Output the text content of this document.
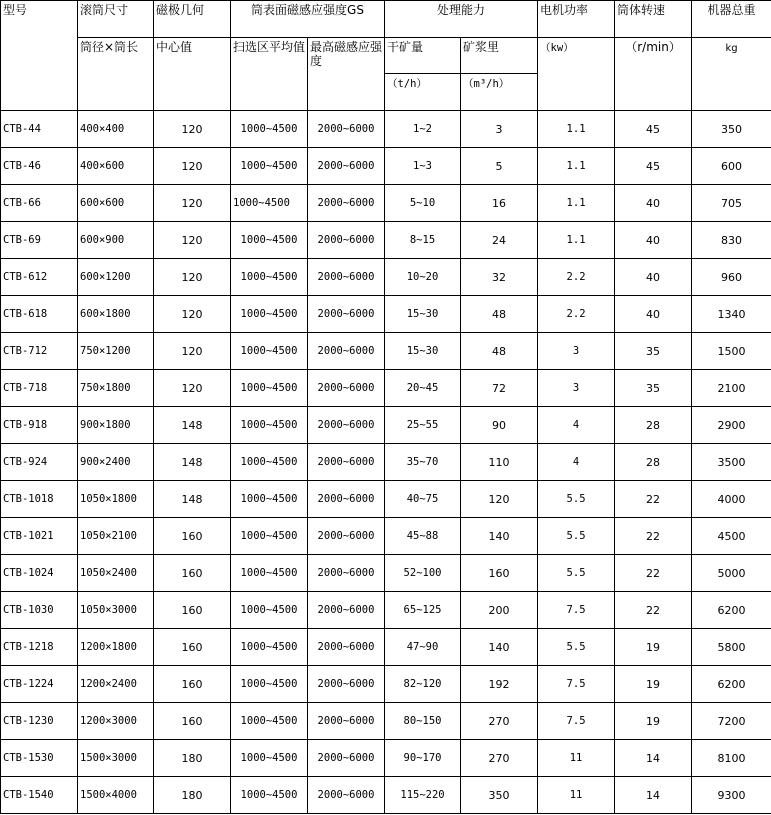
型号	滚筒尺寸	磁极几何	筒表面磁感应强度GS		处理能力		电机功率	筒体转速	机器总重
	筒径×筒长	中心值	扫选区平均值	最高磁感应强度	干矿量	矿浆里	（kw）	（r/min）	kg
					（t/h）	（m³/h）			
CTB-44	400×400	120	1000~4500	2000~6000	1~2	3	1.1	45	350
CTB-46	400×600	120	1000~4500	2000~6000	1~3	5	1.1	45	600
CTB-66	600×600	120	1000~4500	2000~6000	5~10	16	1.1	40	705
CTB-69	600×900	120	1000~4500	2000~6000	8~15	24	1.1	40	830
CTB-612	600×1200	120	1000~4500	2000~6000	10~20	32	2.2	40	960
CTB-618	600×1800	120	1000~4500	2000~6000	15~30	48	2.2	40	1340
CTB-712	750×1200	120	1000~4500	2000~6000	15~30	48	3	35	1500
CTB-718	750×1800	120	1000~4500	2000~6000	20~45	72	3	35	2100
CTB-918	900×1800	148	1000~4500	2000~6000	25~55	90	4	28	2900
CTB-924	900×2400	148	1000~4500	2000~6000	35~70	110	4	28	3500
CTB-1018	1050×1800	148	1000~4500	2000~6000	40~75	120	5.5	22	4000
CTB-1021	1050×2100	160	1000~4500	2000~6000	45~88	140	5.5	22	4500
CTB-1024	1050×2400	160	1000~4500	2000~6000	52~100	160	5.5	22	5000
CTB-1030	1050×3000	160	1000~4500	2000~6000	65~125	200	7.5	22	6200
CTB-1218	1200×1800	160	1000~4500	2000~6000	47~90	140	5.5	19	5800
CTB-1224	1200×2400	160	1000~4500	2000~6000	82~120	192	7.5	19	6200
CTB-1230	1200×3000	160	1000~4500	2000~6000	80~150	270	7.5	19	7200
CTB-1530	1500×3000	180	1000~4500	2000~6000	90~170	270	11	14	8100
CTB-1540	1500×4000	180	1000~4500	2000~6000	115~220	350	11	14	9300
